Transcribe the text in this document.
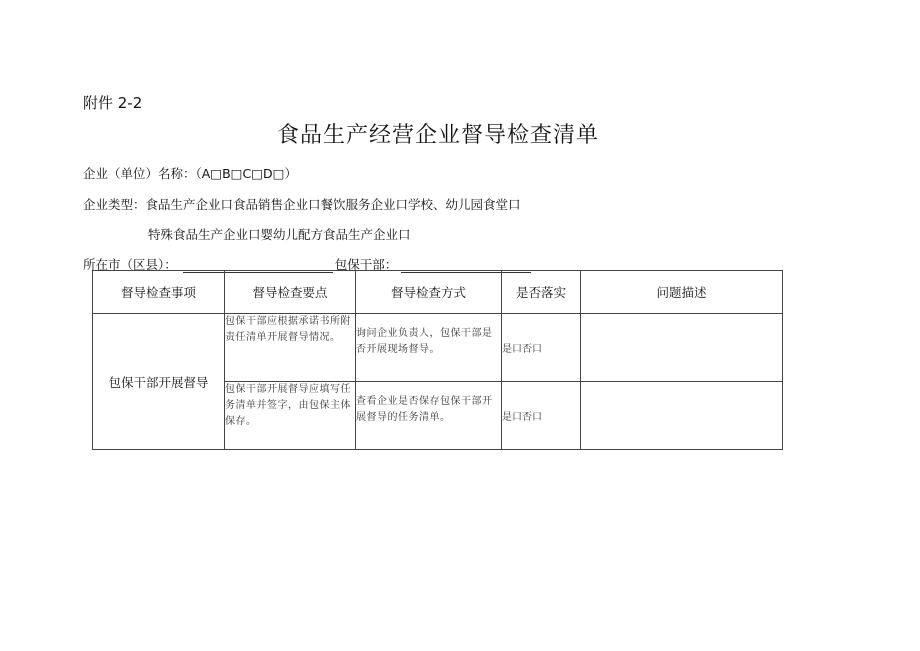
附件 2-2
食品生产经营企业督导检查清单
企业（单位）名称：（A□B□C□D□）
企业类型：食品生产企业口食品销售企业口餐饮服务企业口学校、幼儿园食堂口
特殊食品生产企业口婴幼儿配方食品生产企业口
所在市（区县）：	包保干部：
督导检查事项	督导检查要点	督导检查方式	是否落实	问题描述
包保干部开展督导	包保干部应根据承诺书所附责任清单开展督导情况。	询问企业负责人，包保干部是否开展现场督导。	是口否口	
	包保干部开展督导应填写任务清单并签字，由包保主体保存。	查看企业是否保存包保干部开展督导的任务清单。	是口否口	
